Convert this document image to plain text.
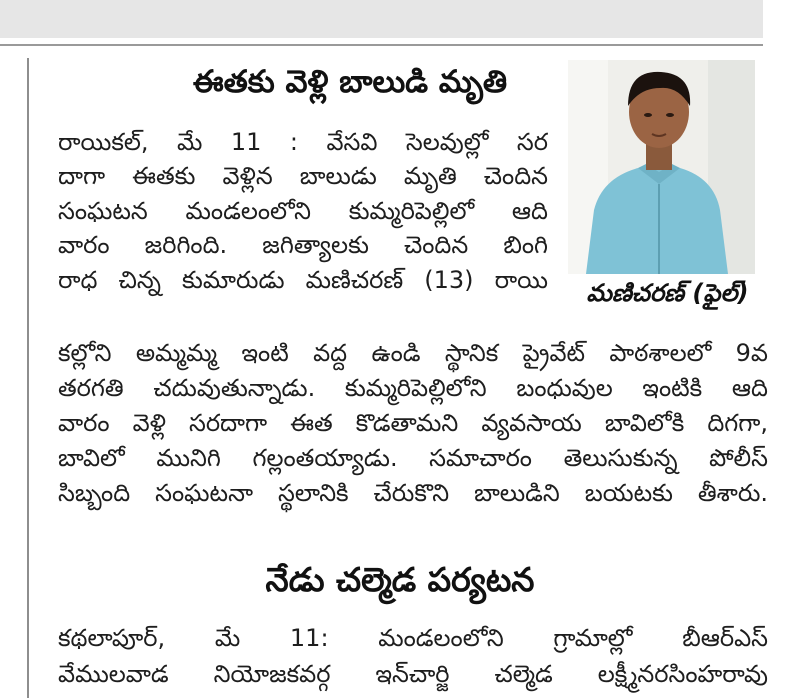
ఈతకు వెళ్లి బాలుడి మృతి
రాయికల్, మే 11 : వేసవి సెలవుల్లో సర
దాగా ఈతకు వెళ్లిన బాలుడు మృతి చెందిన
సంఘటన మండలంలోని కుమ్మరిపెల్లిలో ఆది
వారం జరిగింది. జగిత్యాలకు చెందిన బింగి
రాధ చిన్న కుమారుడు మణిచరణ్ (13) రాయి
కల్లోని అమ్మమ్మ ఇంటి వద్ద ఉండి స్థానిక ప్రైవేట్ పాఠశాలలో 9వ
తరగతి చదువుతున్నాడు. కుమ్మరిపెల్లిలోని బంధువుల ఇంటికి ఆది
వారం వెళ్లి సరదాగా ఈత కొడతామని వ్యవసాయ బావిలోకి దిగగా,
బావిలో మునిగి గల్లంతయ్యాడు. సమాచారం తెలుసుకున్న పోలీస్
సిబ్బంది సంఘటనా స్థలానికి చేరుకొని బాలుడిని బయటకు తీశారు.
మణిచరణ్ (ఫైల్)
నేడు చల్మెడ పర్యటన
కథలాపూర్, మే 11: మండలంలోని గ్రామాల్లో బీఆర్ఎస్
వేములవాడ నియోజకవర్గ ఇన్‌చార్జి చల్మెడ లక్ష్మీనరసింహరావు
